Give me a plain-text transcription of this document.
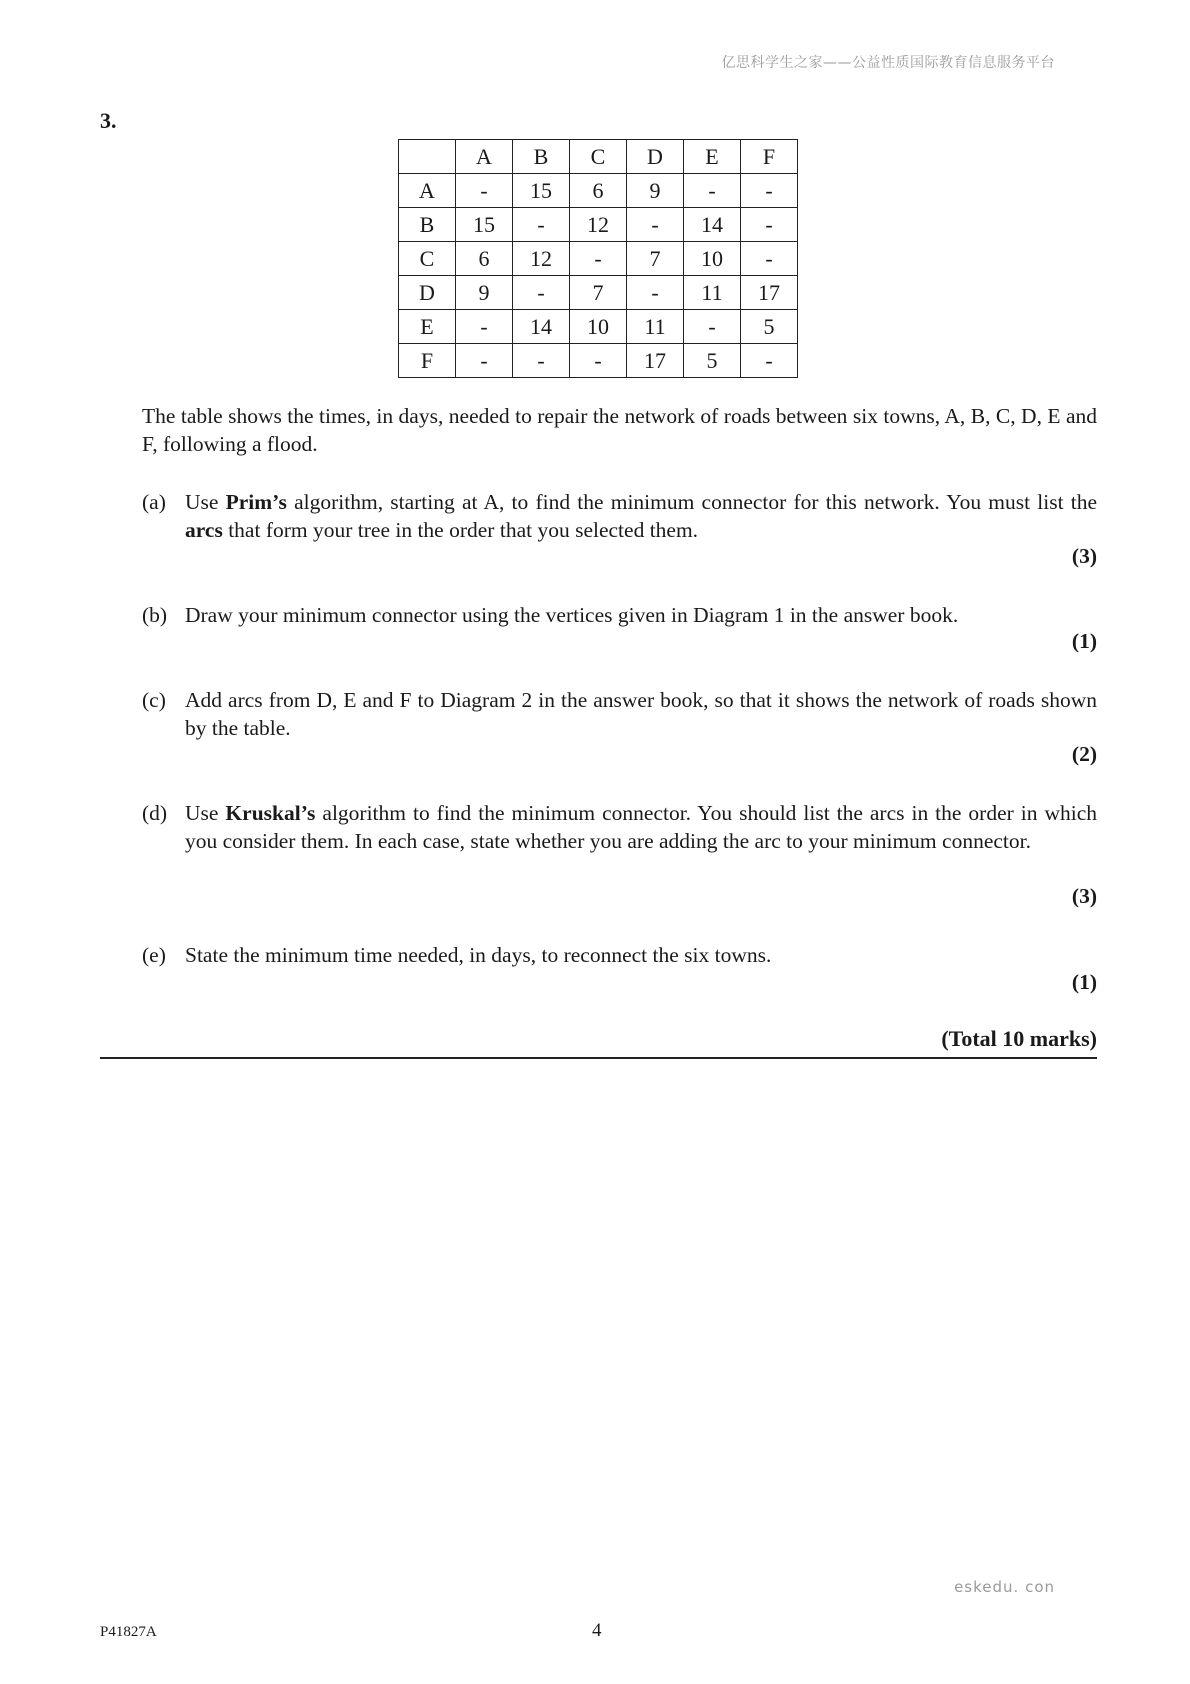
亿思科学生之家——公益性质国际教育信息服务平台
3.
	A	B	C	D	E	F
A	-	15	6	9	-	-
B	15	-	12	-	14	-
C	6	12	-	7	10	-
D	9	-	7	-	11	17
E	-	14	10	11	-	5
F	-	-	-	17	5	-
The table shows the times, in days, needed to repair the network of roads between six towns, A, B, C, D, E and F, following a flood.
(a) Use Prim’s algorithm, starting at A, to find the minimum connector for this network. You must list the arcs that form your tree in the order that you selected them.
(3)
(b) Draw your minimum connector using the vertices given in Diagram 1 in the answer book.
(1)
(c) Add arcs from D, E and F to Diagram 2 in the answer book, so that it shows the network of roads shown by the table.
(2)
(d) Use Kruskal’s algorithm to find the minimum connector. You should list the arcs in the order in which you consider them. In each case, state whether you are adding the arc to your minimum connector.
(3)
(e) State the minimum time needed, in days, to reconnect the six towns.
(1)
(Total 10 marks)
eskedu. con
P41827A	4
